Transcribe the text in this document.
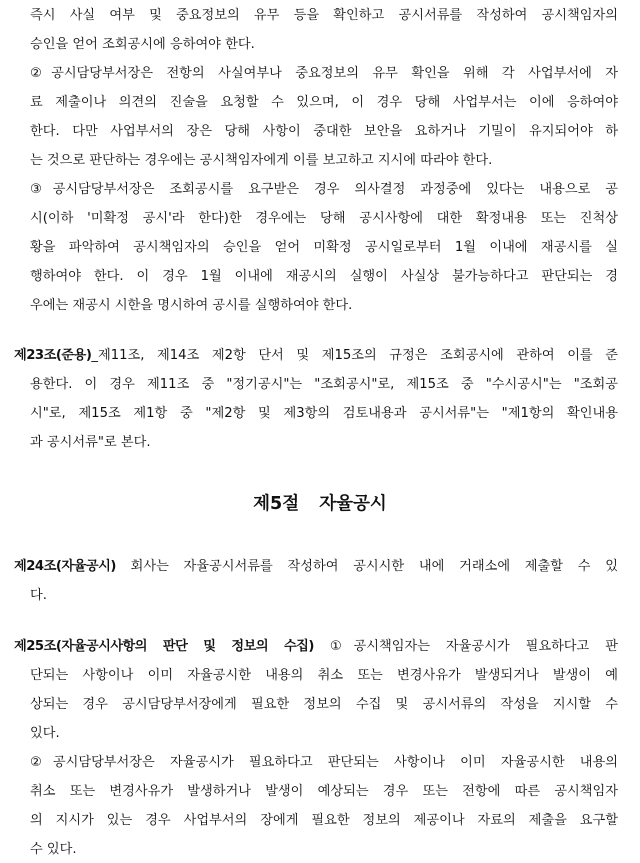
즉시 사실 여부 및 중요정보의 유무 등을 확인하고 공시서류를 작성하여 공시책임자의
승인을 얻어 조회공시에 응하여야 한다.
②공시담당부서장은 전항의 사실여부나 중요정보의 유무 확인을 위해 각 사업부서에 자
료 제출이나 의견의 진술을 요청할 수 있으며, 이 경우 당해 사업부서는 이에 응하여야
한다. 다만 사업부서의 장은 당해 사항이 중대한 보안을 요하거나 기밀이 유지되어야 하
는 것으로 판단하는 경우에는 공시책임자에게 이를 보고하고 지시에 따라야 한다.
③공시담당부서장은 조회공시를 요구받은 경우 의사결정 과정중에 있다는 내용으로 공
시(이하 '미확정 공시'라 한다)한 경우에는 당해 공시사항에 대한 확정내용 또는 진척상
황을 파악하여 공시책임자의 승인을 얻어 미확정 공시일로부터 1월 이내에 재공시를 실
행하여야 한다. 이 경우 1월 이내에 재공시의 실행이 사실상 불가능하다고 판단되는 경
우에는 재공시 시한을 명시하여 공시를 실행하여야 한다.
제23조(준용)_제11조, 제14조 제2항 단서 및 제15조의 규정은 조회공시에 관하여 이를 준
용한다. 이 경우 제11조 중 "정기공시"는 "조회공시"로, 제15조 중 "수시공시"는 "조회공
시"로, 제15조 제1항 중 "제2항 및 제3항의 검토내용과 공시서류"는 "제1항의 확인내용
과 공시서류"로 본다.
제5절 자율공시
제24조(자율공시) 회사는 자율공시서류를 작성하여 공시시한 내에 거래소에 제출할 수 있
다.
제25조(자율공시사항의 판단 및 정보의 수집) ①공시책임자는 자율공시가 필요하다고 판
단되는 사항이나 이미 자율공시한 내용의 취소 또는 변경사유가 발생되거나 발생이 예
상되는 경우 공시담당부서장에게 필요한 정보의 수집 및 공시서류의 작성을 지시할 수
있다.
②공시담당부서장은 자율공시가 필요하다고 판단되는 사항이나 이미 자율공시한 내용의
취소 또는 변경사유가 발생하거나 발생이 예상되는 경우 또는 전항에 따른 공시책임자
의 지시가 있는 경우 사업부서의 장에게 필요한 정보의 제공이나 자료의 제출을 요구할
수 있다.
